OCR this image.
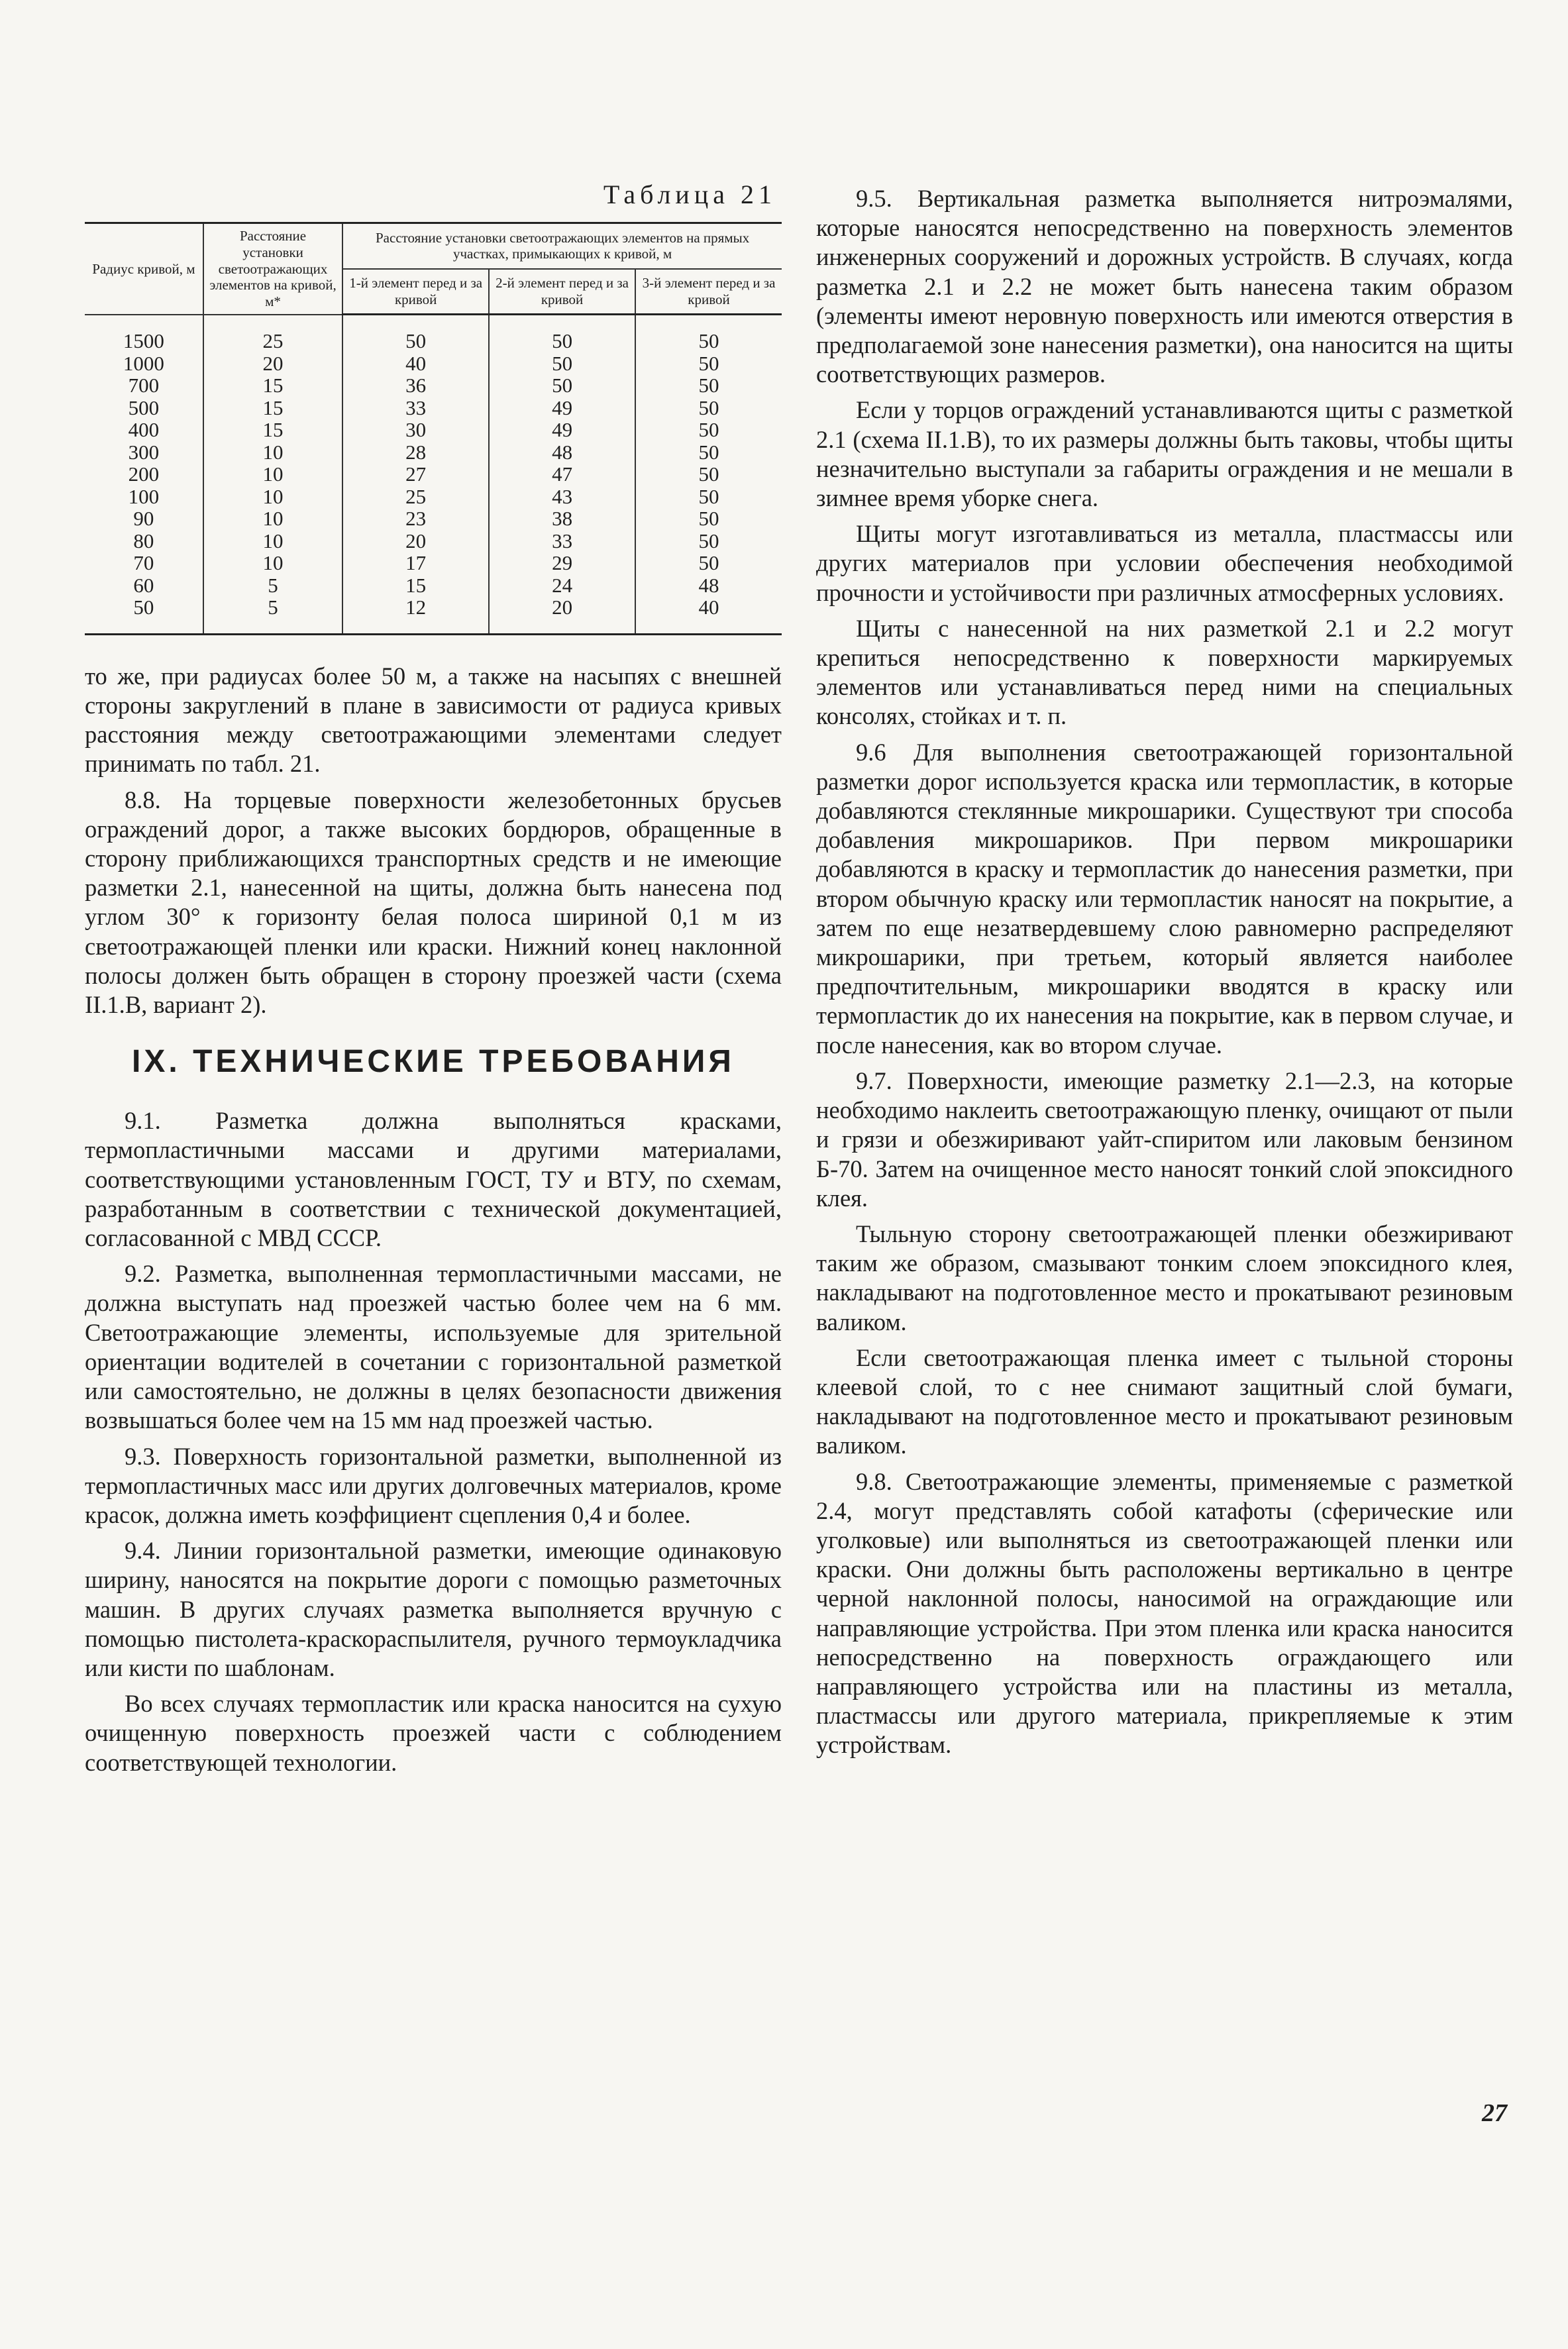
Таблица 21
Радиус кривой, м	Расстояние установки светоотражающих элементов на кривой, м*	Расстояние установки светоотражающих элементов на прямых участках, примыкающих к кривой, м		
		1-й элемент перед и за кривой	2-й элемент перед и за кривой	3-й элемент перед и за кривой
1500	25	50	50	50
1000	20	40	50	50
700	15	36	50	50
500	15	33	49	50
400	15	30	49	50
300	10	28	48	50
200	10	27	47	50
100	10	25	43	50
90	10	23	38	50
80	10	20	33	50
70	10	17	29	50
60	5	15	24	48
50	5	12	20	40

то же, при радиусах более 50 м, а также на насыпях с внешней стороны закруглений в плане в зависимости от радиуса кривых расстояния между светоотражающими элементами следует принимать по табл. 21.

8.8. На торцевые поверхности железобетонных брусьев ограждений дорог, а также высоких бордюров, обращенные в сторону приближающихся транспортных средств и не имеющие разметки 2.1, нанесенной на щиты, должна быть нанесена под углом 30° к горизонту белая полоса шириной 0,1 м из светоотражающей пленки или краски. Нижний конец наклонной полосы должен быть обращен в сторону проезжей части (схема II.1.В, вариант 2).

IX. ТЕХНИЧЕСКИЕ ТРЕБОВАНИЯ

9.1. Разметка должна выполняться красками, термопластичными массами и другими материалами, соответствующими установленным ГОСТ, ТУ и ВТУ, по схемам, разработанным в соответствии с технической документацией, согласованной с МВД СССР.

9.2. Разметка, выполненная термопластичными массами, не должна выступать над проезжей частью более чем на 6 мм. Светоотражающие элементы, используемые для зрительной ориентации водителей в сочетании с горизонтальной разметкой или самостоятельно, не должны в целях безопасности движения возвышаться более чем на 15 мм над проезжей частью.

9.3. Поверхность горизонтальной разметки, выполненной из термопластичных масс или других долговечных материалов, кроме красок, должна иметь коэффициент сцепления 0,4 и более.

9.4. Линии горизонтальной разметки, имеющие одинаковую ширину, наносятся на покрытие дороги с помощью разметочных машин. В других случаях разметка выполняется вручную с помощью пистолета-краскораспылителя, ручного термоукладчика или кисти по шаблонам.

Во всех случаях термопластик или краска наносится на сухую очищенную поверхность проезжей части с соблюдением соответствующей технологии.

9.5. Вертикальная разметка выполняется нитроэмалями, которые наносятся непосредственно на поверхность элементов инженерных сооружений и дорожных устройств. В случаях, когда разметка 2.1 и 2.2 не может быть нанесена таким образом (элементы имеют неровную поверхность или имеются отверстия в предполагаемой зоне нанесения разметки), она наносится на щиты соответствующих размеров.

Если у торцов ограждений устанавливаются щиты с разметкой 2.1 (схема II.1.В), то их размеры должны быть таковы, чтобы щиты незначительно выступали за габариты ограждения и не мешали в зимнее время уборке снега.

Щиты могут изготавливаться из металла, пластмассы или других материалов при условии обеспечения необходимой прочности и устойчивости при различных атмосферных условиях.

Щиты с нанесенной на них разметкой 2.1 и 2.2 могут крепиться непосредственно к поверхности маркируемых элементов или устанавливаться перед ними на специальных консолях, стойках и т. п.

9.6 Для выполнения светоотражающей горизонтальной разметки дорог используется краска или термопластик, в которые добавляются стеклянные микрошарики. Существуют три способа добавления микрошариков. При первом микрошарики добавляются в краску и термопластик до нанесения разметки, при втором обычную краску или термопластик наносят на покрытие, а затем по еще незатвердевшему слою равномерно распределяют микрошарики, при третьем, который является наиболее предпочтительным, микрошарики вводятся в краску или термопластик до их нанесения на покрытие, как в первом случае, и после нанесения, как во втором случае.

9.7. Поверхности, имеющие разметку 2.1—2.3, на которые необходимо наклеить светоотражающую пленку, очищают от пыли и грязи и обезжиривают уайт-спиритом или лаковым бензином Б-70. Затем на очищенное место наносят тонкий слой эпоксидного клея.

Тыльную сторону светоотражающей пленки обезжиривают таким же образом, смазывают тонким слоем эпоксидного клея, накладывают на подготовленное место и прокатывают резиновым валиком.

Если светоотражающая пленка имеет с тыльной стороны клеевой слой, то с нее снимают защитный слой бумаги, накладывают на подготовленное место и прокатывают резиновым валиком.

9.8. Светоотражающие элементы, применяемые с разметкой 2.4, могут представлять собой катафоты (сферические или уголковые) или выполняться из светоотражающей пленки или краски. Они должны быть расположены вертикально в центре черной наклонной полосы, наносимой на ограждающие или направляющие устройства. При этом пленка или краска наносится непосредственно на поверхность ограждающего или направляющего устройства или на пластины из металла, пластмассы или другого материала, прикрепляемые к этим устройствам.

27
